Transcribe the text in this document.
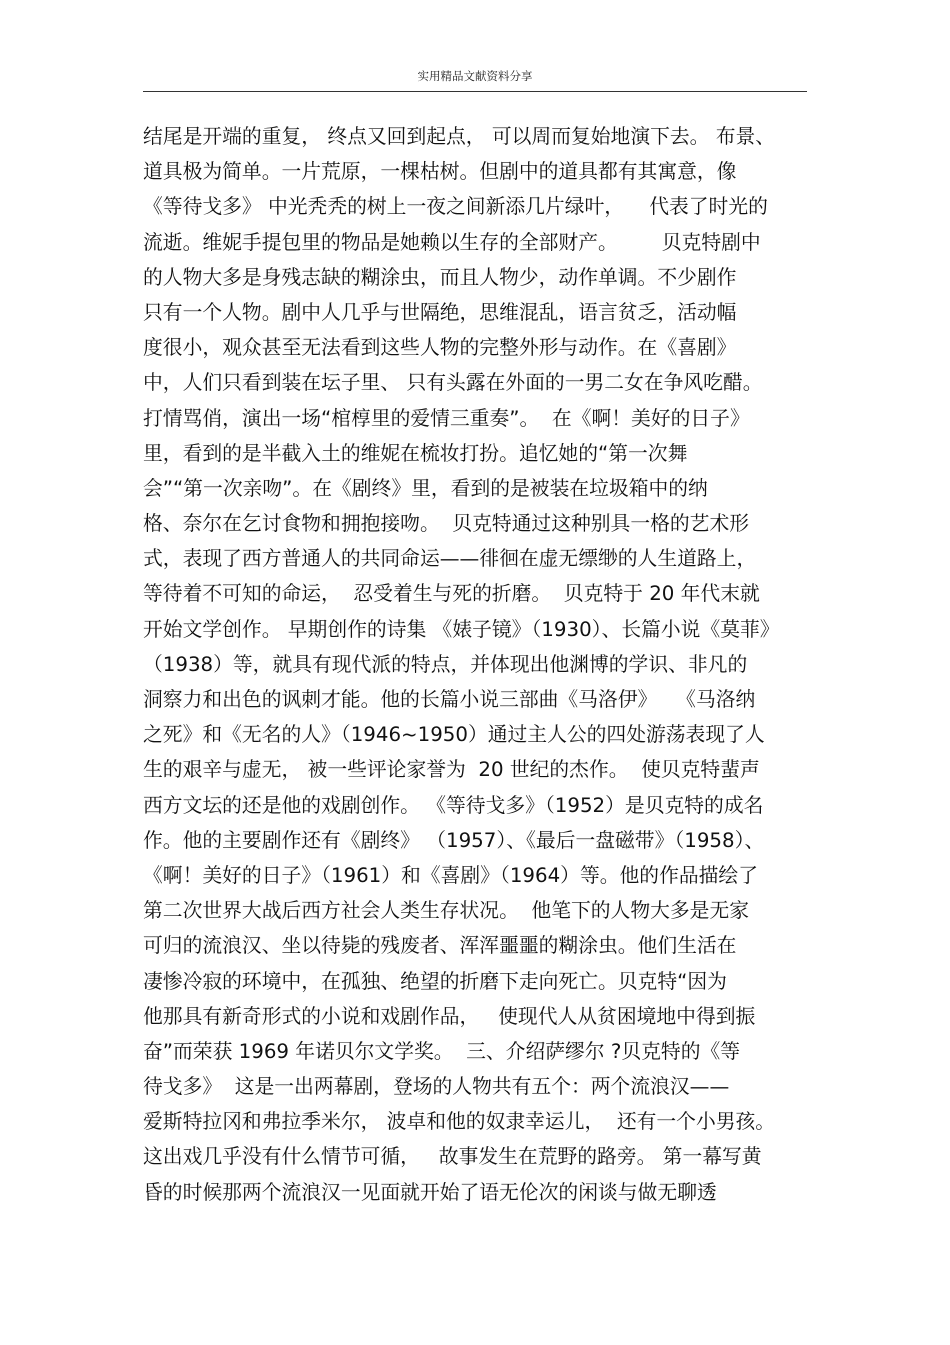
实用精品文献资料分享
结尾是开端的重复， 终点又回到起点， 可以周而复始地演下去。 布景、
道具极为简单。一片荒原，一棵枯树。但剧中的道具都有其寓意，像
《等待戈多》 中光秃秃的树上一夜之间新添几片绿叶，    代表了时光的
流逝。维妮手提包里的物品是她赖以生存的全部财产。       贝克特剧中
的人物大多是身残志缺的糊涂虫，而且人物少，动作单调。不少剧作
只有一个人物。剧中人几乎与世隔绝，思维混乱，语言贫乏，活动幅
度很小，观众甚至无法看到这些人物的完整外形与动作。在《喜剧》
中，人们只看到装在坛子里、 只有头露在外面的一男二女在争风吃醋。
打情骂俏，演出一场“棺椁里的爱情三重奏”。  在《啊！美好的日子》
里，看到的是半截入土的维妮在梳妆打扮。追忆她的“第一次舞
会”“第一次亲吻”。在《剧终》里，看到的是被装在垃圾箱中的纳
格、奈尔在乞讨食物和拥抱接吻。  贝克特通过这种别具一格的艺术形
式，表现了西方普通人的共同命运——徘徊在虚无缥缈的人生道路上，
等待着不可知的命运，  忍受着生与死的折磨。  贝克特于 20 年代末就
开始文学创作。 早期创作的诗集 《婊子镜》（1930）、长篇小说《莫菲》
（1938）等，就具有现代派的特点，并体现出他渊博的学识、非凡的
洞察力和出色的讽刺才能。他的长篇小说三部曲《马洛伊》   《马洛纳
之死》和《无名的人》（1946~1950）通过主人公的四处游荡表现了人
生的艰辛与虚无， 被一些评论家誉为  20 世纪的杰作。  使贝克特蜚声
西方文坛的还是他的戏剧创作。 《等待戈多》（1952）是贝克特的成名
作。他的主要剧作还有《剧终》 （1957）、《最后一盘磁带》（1958）、
《啊！美好的日子》（1961）和《喜剧》（1964）等。他的作品描绘了
第二次世界大战后西方社会人类生存状况。  他笔下的人物大多是无家
可归的流浪汉、坐以待毙的残废者、浑浑噩噩的糊涂虫。他们生活在
凄惨冷寂的环境中，在孤独、绝望的折磨下走向死亡。贝克特“因为
他那具有新奇形式的小说和戏剧作品，   使现代人从贫困境地中得到振
奋”而荣获 1969 年诺贝尔文学奖。  三、介绍萨缪尔 ?贝克特的《等
待戈多》  这是一出两幕剧，登场的人物共有五个：两个流浪汉——
爱斯特拉冈和弗拉季米尔， 波卓和他的奴隶幸运儿，  还有一个小男孩。
这出戏几乎没有什么情节可循，   故事发生在荒野的路旁。 第一幕写黄
昏的时候那两个流浪汉一见面就开始了语无伦次的闲谈与做无聊透
